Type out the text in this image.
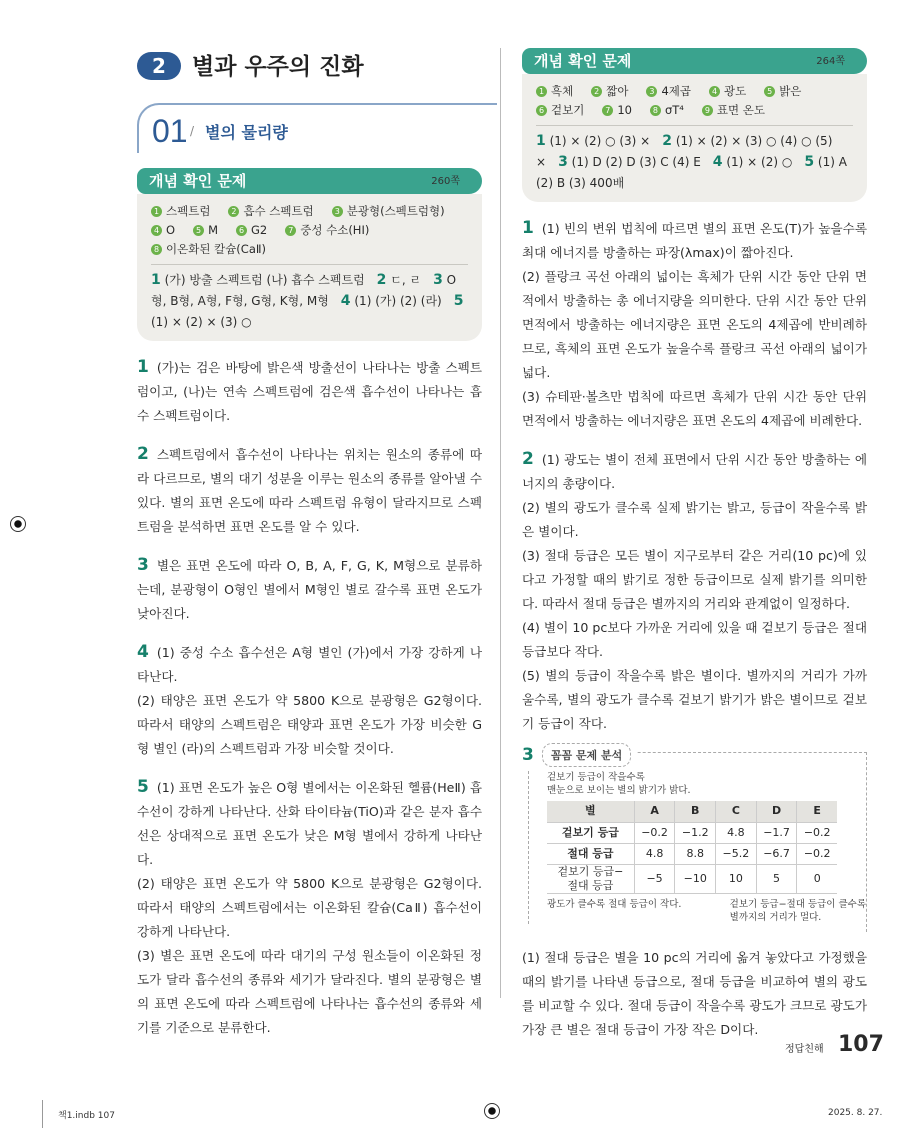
2	별과 우주의 진화
01 / 별의 물리량
개념 확인 문제	260쪽
1 스펙트럼	2 흡수 스펙트럼	3 분광형(스펙트럼형)4 O	5 M	6 G2	7 중성 수소(HⅠ)8 이온화된 칼슘(CaⅡ)
1 (가) 방출 스펙트럼 (나) 흡수 스펙트럼 2 ㄷ, ㄹ 3 O형, B형, A형, F형, G형, K형, M형 4 (1) (가) (2) (라) 5 (1) × (2) × (3) ○
1 (가)는 검은 바탕에 밝은색 방출선이 나타나는 방출 스펙트럼이고, (나)는 연속 스펙트럼에 검은색 흡수선이 나타나는 흡수 스펙트럼이다.
2 스펙트럼에서 흡수선이 나타나는 위치는 원소의 종류에 따라 다르므로, 별의 대기 성분을 이루는 원소의 종류를 알아낼 수 있다. 별의 표면 온도에 따라 스펙트럼 유형이 달라지므로 스펙트럼을 분석하면 표면 온도를 알 수 있다.
3 별은 표면 온도에 따라 O, B, A, F, G, K, M형으로 분류하는데, 분광형이 O형인 별에서 M형인 별로 갈수록 표면 온도가 낮아진다.
4 (1) 중성 수소 흡수선은 A형 별인 (가)에서 가장 강하게 나타난다.
(2) 태양은 표면 온도가 약 5800 K으로 분광형은 G2형이다. 따라서 태양의 스펙트럼은 태양과 표면 온도가 가장 비슷한 G형 별인 (라)의 스펙트럼과 가장 비슷할 것이다.
5 (1) 표면 온도가 높은 O형 별에서는 이온화된 헬륨(HeⅡ) 흡수선이 강하게 나타난다. 산화 타이타늄(TiO)과 같은 분자 흡수선은 상대적으로 표면 온도가 낮은 M형 별에서 강하게 나타난다.
(2) 태양은 표면 온도가 약 5800 K으로 분광형은 G2형이다. 따라서 태양의 스펙트럼에서는 이온화된 칼슘(CaⅡ) 흡수선이 강하게 나타난다.
(3) 별은 표면 온도에 따라 대기의 구성 원소들이 이온화된 정도가 달라 흡수선의 종류와 세기가 달라진다. 별의 분광형은 별의 표면 온도에 따라 스펙트럼에 나타나는 흡수선의 종류와 세기를 기준으로 분류한다.
개념 확인 문제	264쪽
1 흑체	2 짧아	3 4제곱	4 광도	5 밝은6 겉보기	7 10	8 σT⁴	9 표면 온도
1 (1) × (2) ○ (3) × 2 (1) × (2) × (3) ○ (4) ○ (5) × 3 (1) D (2) D (3) C (4) E 4 (1) × (2) ○ 5 (1) A (2) B (3) 400배
1 (1) 빈의 변위 법칙에 따르면 별의 표면 온도(T)가 높을수록 최대 에너지를 방출하는 파장(λmax)이 짧아진다.
(2) 플랑크 곡선 아래의 넓이는 흑체가 단위 시간 동안 단위 면적에서 방출하는 총 에너지량을 의미한다. 단위 시간 동안 단위 면적에서 방출하는 에너지량은 표면 온도의 4제곱에 반비례하므로, 흑체의 표면 온도가 높을수록 플랑크 곡선 아래의 넓이가 넓다.
(3) 슈테판·볼츠만 법칙에 따르면 흑체가 단위 시간 동안 단위 면적에서 방출하는 에너지량은 표면 온도의 4제곱에 비례한다.
2 (1) 광도는 별이 전체 표면에서 단위 시간 동안 방출하는 에너지의 총량이다.
(2) 별의 광도가 클수록 실제 밝기는 밝고, 등급이 작을수록 밝은 별이다.
(3) 절대 등급은 모든 별이 지구로부터 같은 거리(10 pc)에 있다고 가정할 때의 밝기로 정한 등급이므로 실제 밝기를 의미한다. 따라서 절대 등급은 별까지의 거리와 관계없이 일정하다.
(4) 별이 10 pc보다 가까운 거리에 있을 때 겉보기 등급은 절대 등급보다 작다.
(5) 별의 등급이 작을수록 밝은 별이다. 별까지의 거리가 가까울수록, 별의 광도가 클수록 겉보기 밝기가 밝은 별이므로 겉보기 등급이 작다.
3	꼼꼼 문제 분석
겉보기 등급이 작을수록
맨눈으로 보이는 별의 밝기가 밝다.
별	A	B	C	D	E
겉보기 등급	−0.2	−1.2	4.8	−1.7	−0.2
절대 등급	4.8	8.8	−5.2	−6.7	−0.2
겉보기 등급−
절대 등급	−5	−10	10	5	0
광도가 클수록 절대 등급이 작다.	겉보기 등급−절대 등급이 클수록
별까지의 거리가 멀다.
(1) 절대 등급은 별을 10 pc의 거리에 옮겨 놓았다고 가정했을 때의 밝기를 나타낸 등급으로, 절대 등급을 비교하여 별의 광도를 비교할 수 있다. 절대 등급이 작을수록 광도가 크므로 광도가 가장 큰 별은 절대 등급이 가장 작은 D이다.
정답친해 107
책1.indb 107	2025. 8. 27.
